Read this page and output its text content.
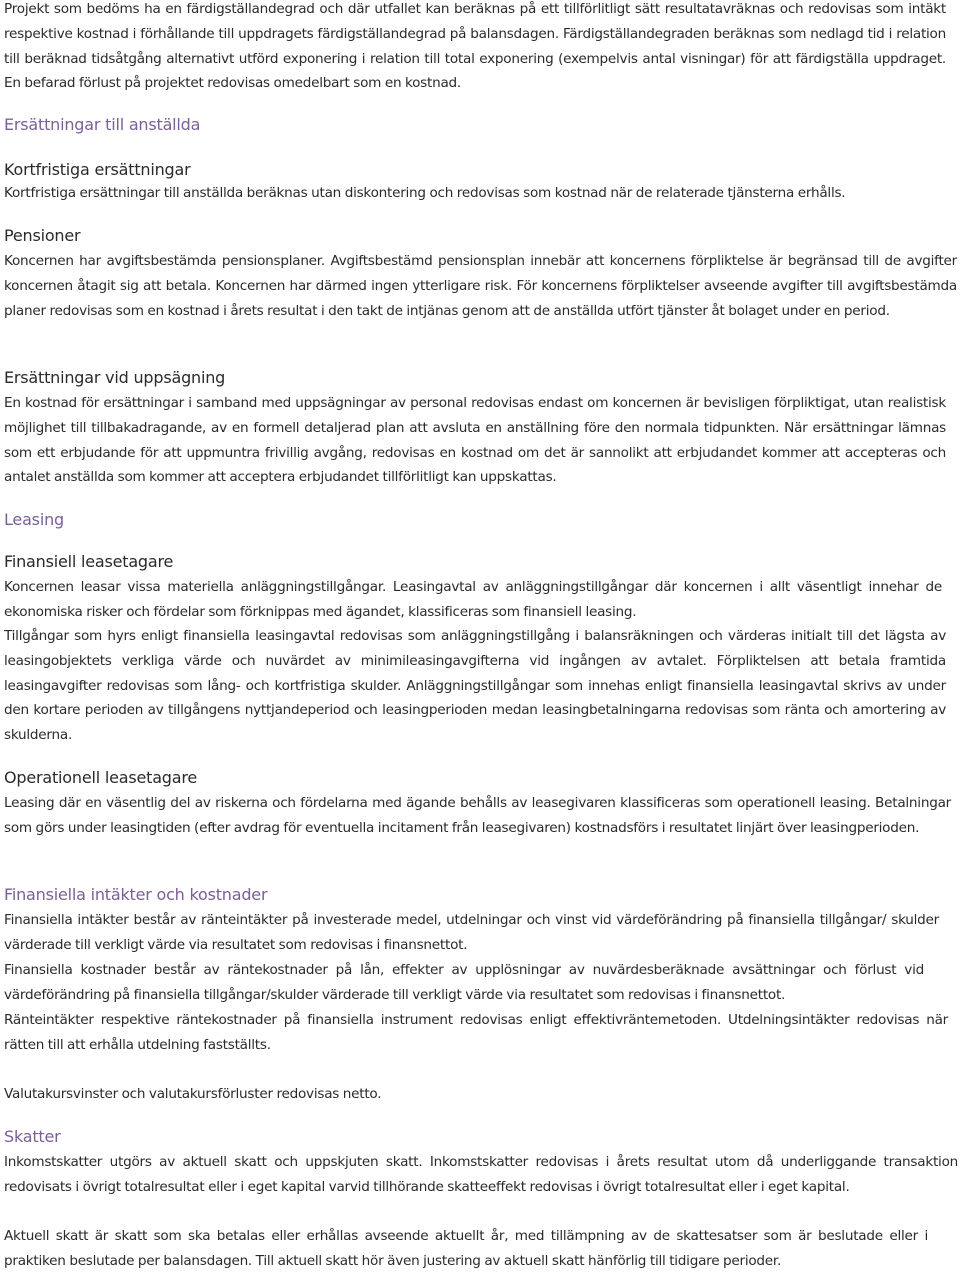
Projekt som bedöms ha en färdigställandegrad och där utfallet kan beräknas på ett tillförlitligt sätt resultatavräknas och redovisas som intäkt respektive kostnad i förhållande till uppdragets färdigställandegrad på balansdagen. Färdigställandegraden beräknas som nedlagd tid i relation till beräknad tidsåtgång alternativt utförd exponering i relation till total exponering (exempelvis antal visningar) för att färdigställa uppdraget. En befarad förlust på projektet redovisas omedelbart som en kostnad.

Ersättningar till anställda
Kortfristiga ersättningar

Kortfristiga ersättningar till anställda beräknas utan diskontering och redovisas som kostnad när de relaterade tjänsterna erhålls.

Pensioner

Koncernen har avgiftsbestämda pensionsplaner. Avgiftsbestämd pensionsplan innebär att koncernens förpliktelse är begränsad till de avgifter koncernen åtagit sig att betala. Koncernen har därmed ingen ytterligare risk. För koncernens förpliktelser avseende avgifter till avgiftsbestämda planer redovisas som en kostnad i årets resultat i den takt de intjänas genom att de anställda utfört tjänster åt bolaget under en period.

Ersättningar vid uppsägning

En kostnad för ersättningar i samband med uppsägningar av personal redovisas endast om koncernen är bevisligen förpliktigat, utan realistisk möjlighet till tillbakadragande, av en formell detaljerad plan att avsluta en anställning före den normala tidpunkten. När ersättningar lämnas som ett erbjudande för att uppmuntra frivillig avgång, redovisas en kostnad om det är sannolikt att erbjudandet kommer att accepteras och antalet anställda som kommer att acceptera erbjudandet tillförlitligt kan uppskattas.

Leasing
Finansiell leasetagare

Koncernen leasar vissa materiella anläggningstillgångar. Leasingavtal av anläggningstillgångar där koncernen i allt väsentligt innehar de ekonomiska risker och fördelar som förknippas med ägandet, klassificeras som finansiell leasing.

Tillgångar som hyrs enligt finansiella leasingavtal redovisas som anläggningstillgång i balansräkningen och värderas initialt till det lägsta av leasingobjektets verkliga värde och nuvärdet av minimileasingavgifterna vid ingången av avtalet. Förpliktelsen att betala framtida leasingavgifter redovisas som lång- och kortfristiga skulder. Anläggningstillgångar som innehas enligt finansiella leasingavtal skrivs av under den kortare perioden av tillgångens nyttjandeperiod och leasingperioden medan leasingbetalningarna redovisas som ränta och amortering av skulderna.

Operationell leasetagare

Leasing där en väsentlig del av riskerna och fördelarna med ägande behålls av leasegivaren klassificeras som operationell leasing. Betalningar som görs under leasingtiden (efter avdrag för eventuella incitament från leasegivaren) kostnadsförs i resultatet linjärt över leasingperioden.

Finansiella intäkter och kostnader

Finansiella intäkter består av ränteintäkter på investerade medel, utdelningar och vinst vid värdeförändring på finansiella tillgångar/ skulder värderade till verkligt värde via resultatet som redovisas i finansnettot.

Finansiella kostnader består av räntekostnader på lån, effekter av upplösningar av nuvärdesberäknade avsättningar och förlust vid värdeförändring på finansiella tillgångar/skulder värderade till verkligt värde via resultatet som redovisas i finansnettot.

Ränteintäkter respektive räntekostnader på finansiella instrument redovisas enligt effektivräntemetoden. Utdelningsintäkter redovisas när rätten till att erhålla utdelning fastställts.

Valutakursvinster och valutakursförluster redovisas netto.

Skatter

Inkomstskatter utgörs av aktuell skatt och uppskjuten skatt. Inkomstskatter redovisas i årets resultat utom då underliggande transaktion redovisats i övrigt totalresultat eller i eget kapital varvid tillhörande skatteeffekt redovisas i övrigt totalresultat eller i eget kapital.

Aktuell skatt är skatt som ska betalas eller erhållas avseende aktuellt år, med tillämpning av de skattesatser som är beslutade eller i praktiken beslutade per balansdagen. Till aktuell skatt hör även justering av aktuell skatt hänförlig till tidigare perioder.
